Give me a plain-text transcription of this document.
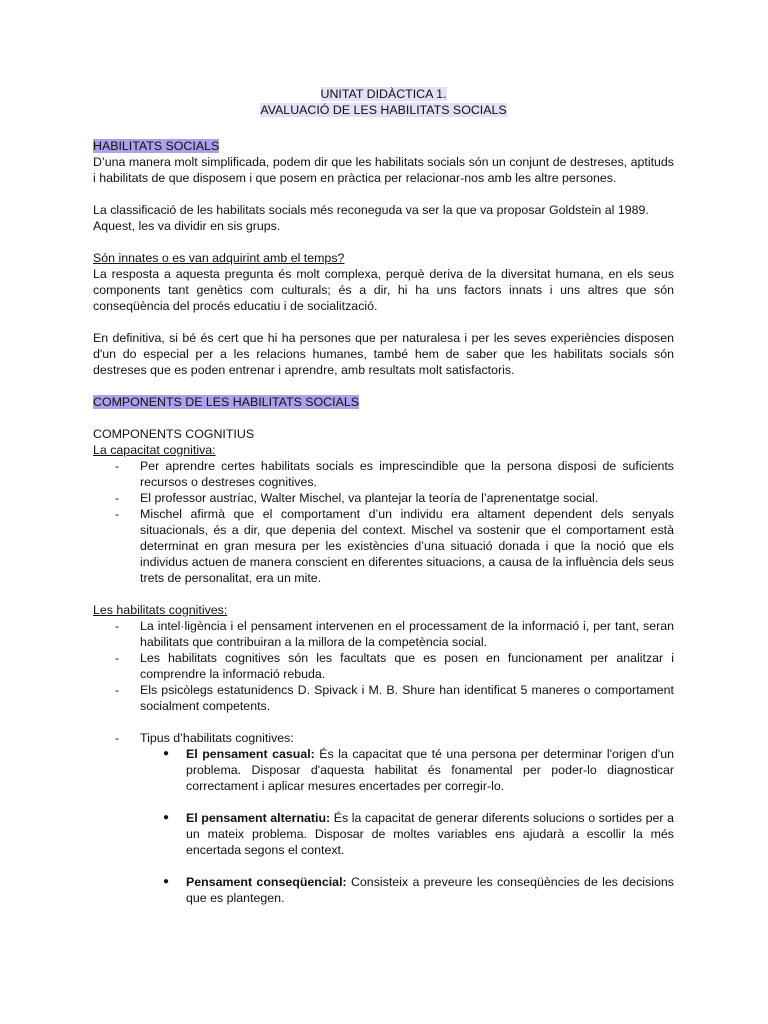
UNITAT DIDÀCTICA 1.
AVALUACIÓ DE LES HABILITATS SOCIALS
HABILITATS SOCIALS

D’una manera molt simplificada, podem dir que les habilitats socials són un conjunt de destreses, aptituds i habilitats de que disposem i que posem en pràctica per relacionar-nos amb les altre persones.

La classificació de les habilitats socials més reconeguda va ser la que va proposar Goldstein al 1989.
Aquest, les va dividir en sis grups.
Són innates o es van adquirint amb el temps?

La resposta a aquesta pregunta és molt complexa, perquè deriva de la diversitat humana, en els seus components tant genètics com culturals; és a dir, hi ha uns factors innats i uns altres que són conseqüència del procés educatiu i de socialització.

En definitiva, si bé és cert que hi ha persones que per naturalesa i per les seves experiències disposen d'un do especial per a les relacions humanes, també hem de saber que les habilitats socials són destreses que es poden entrenar i aprendre, amb resultats molt satisfactoris.

COMPONENTS DE LES HABILITATS SOCIALS
COMPONENTS COGNITIUS
La capacitat cognitiva:
- Per aprendre certes habilitats socials es imprescindible que la persona disposi de suficients recursos o destreses cognitives.
- El professor austríac, Walter Mischel, va plantejar la teoría de l’aprenentatge social.
- Mischel afirmà que el comportament d’un individu era altament dependent dels senyals situacionals, és a dir, que depenia del context. Mischel va sostenir que el comportament està determinat en gran mesura per les existències d’una situació donada i que la noció que els individus actuen de manera conscient en diferentes situacions, a causa de la influència dels seus trets de personalitat, era un mite.
Les habilitats cognitives:
- La intel·ligència i el pensament intervenen en el processament de la informació i, per tant, seran habilitats que contribuiran a la millora de la competència social.
- Les habilitats cognitives són les facultats que es posen en funcionament per analitzar i comprendre la informació rebuda.
- Els psicòlegs estatunidencs D. Spivack i M. B. Shure han identificat 5 maneres o comportament socialment competents.
- Tipus d’habilitats cognitives:
● El pensament casual: És la capacitat que té una persona per determinar l'origen d'un problema. Disposar d'aquesta habilitat és fonamental per poder-lo diagnosticar correctament i aplicar mesures encertades per corregir-lo.
● El pensament alternatiu: És la capacitat de generar diferents solucions o sortides per a un mateix problema. Disposar de moltes variables ens ajudarà a escollir la més encertada segons el context.
● Pensament conseqüencial: Consisteix a preveure les conseqüències de les decisions que es plantegen.
